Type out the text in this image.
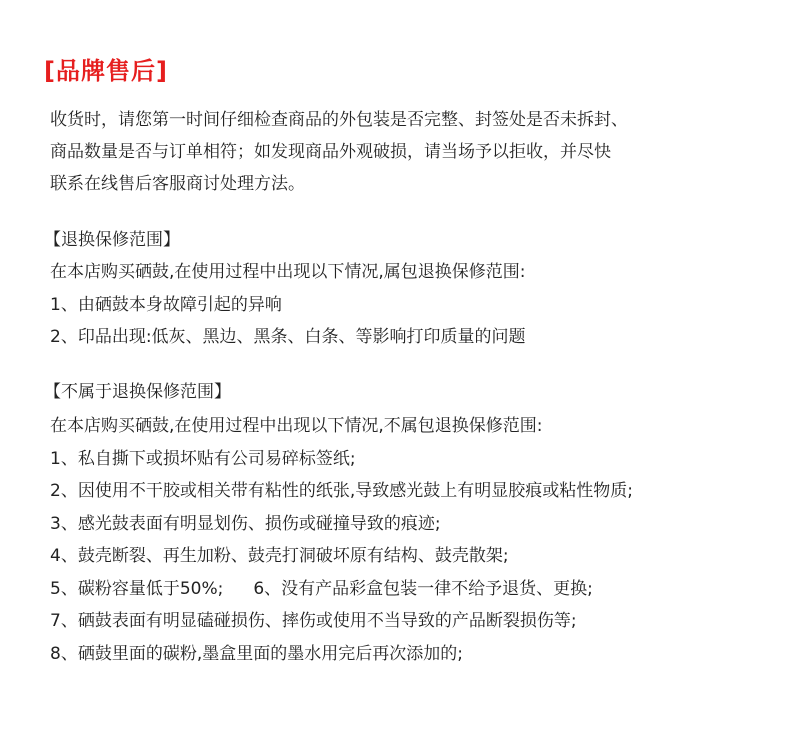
[品牌售后]

收货时，请您第一时间仔细检查商品的外包装是否完整、封签处是否未拆封、

商品数量是否与订单相符；如发现商品外观破损，请当场予以拒收，并尽快

联系在线售后客服商讨处理方法。

【退换保修范围】

在本店购买硒鼓,在使用过程中出现以下情况,属包退换保修范围:

1、由硒鼓本身故障引起的异响

2、印品出现:低灰、黑边、黑条、白条、等影响打印质量的问题

【不属于退换保修范围】

在本店购买硒鼓,在使用过程中出现以下情况,不属包退换保修范围:

1、私自撕下或损坏贴有公司易碎标签纸;

2、因使用不干胶或相关带有粘性的纸张,导致感光鼓上有明显胶痕或粘性物质;

3、感光鼓表面有明显划伤、损伤或碰撞导致的痕迹;

4、鼓壳断裂、再生加粉、鼓壳打洞破坏原有结构、鼓壳散架;

5、碳粉容量低于50%; 6、没有产品彩盒包装一律不给予退货、更换;

7、硒鼓表面有明显磕碰损伤、摔伤或使用不当导致的产品断裂损伤等;

8、硒鼓里面的碳粉,墨盒里面的墨水用完后再次添加的;
